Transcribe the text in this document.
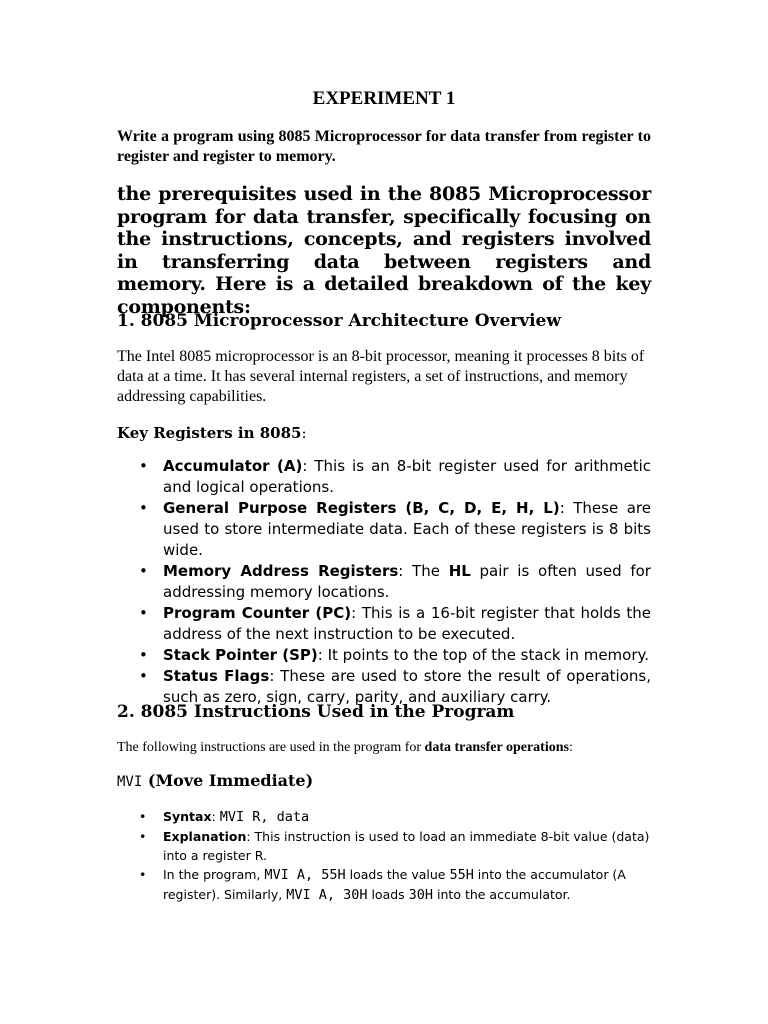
EXPERIMENT 1
Write a program using 8085 Microprocessor for data transfer from register to register and register to memory.
the prerequisites used in the 8085 Microprocessor program for data transfer, specifically focusing on the instructions, concepts, and registers involved in transferring data between registers and memory. Here is a detailed breakdown of the key components:
1. 8085 Microprocessor Architecture Overview
The Intel 8085 microprocessor is an 8-bit processor, meaning it processes 8 bits of data at a time. It has several internal registers, a set of instructions, and memory addressing capabilities.
Key Registers in 8085:
• Accumulator (A): This is an 8-bit register used for arithmetic and logical operations.
• General Purpose Registers (B, C, D, E, H, L): These are used to store intermediate data. Each of these registers is 8 bits wide.
• Memory Address Registers: The HL pair is often used for addressing memory locations.
• Program Counter (PC): This is a 16-bit register that holds the address of the next instruction to be executed.
• Stack Pointer (SP): It points to the top of the stack in memory.
• Status Flags: These are used to store the result of operations, such as zero, sign, carry, parity, and auxiliary carry.
2. 8085 Instructions Used in the Program
The following instructions are used in the program for data transfer operations:
MVI (Move Immediate)
• Syntax: MVI R, data
• Explanation: This instruction is used to load an immediate 8-bit value (data) into a register R.
• In the program, MVI A, 55H loads the value 55H into the accumulator (A register). Similarly, MVI A, 30H loads 30H into the accumulator.
